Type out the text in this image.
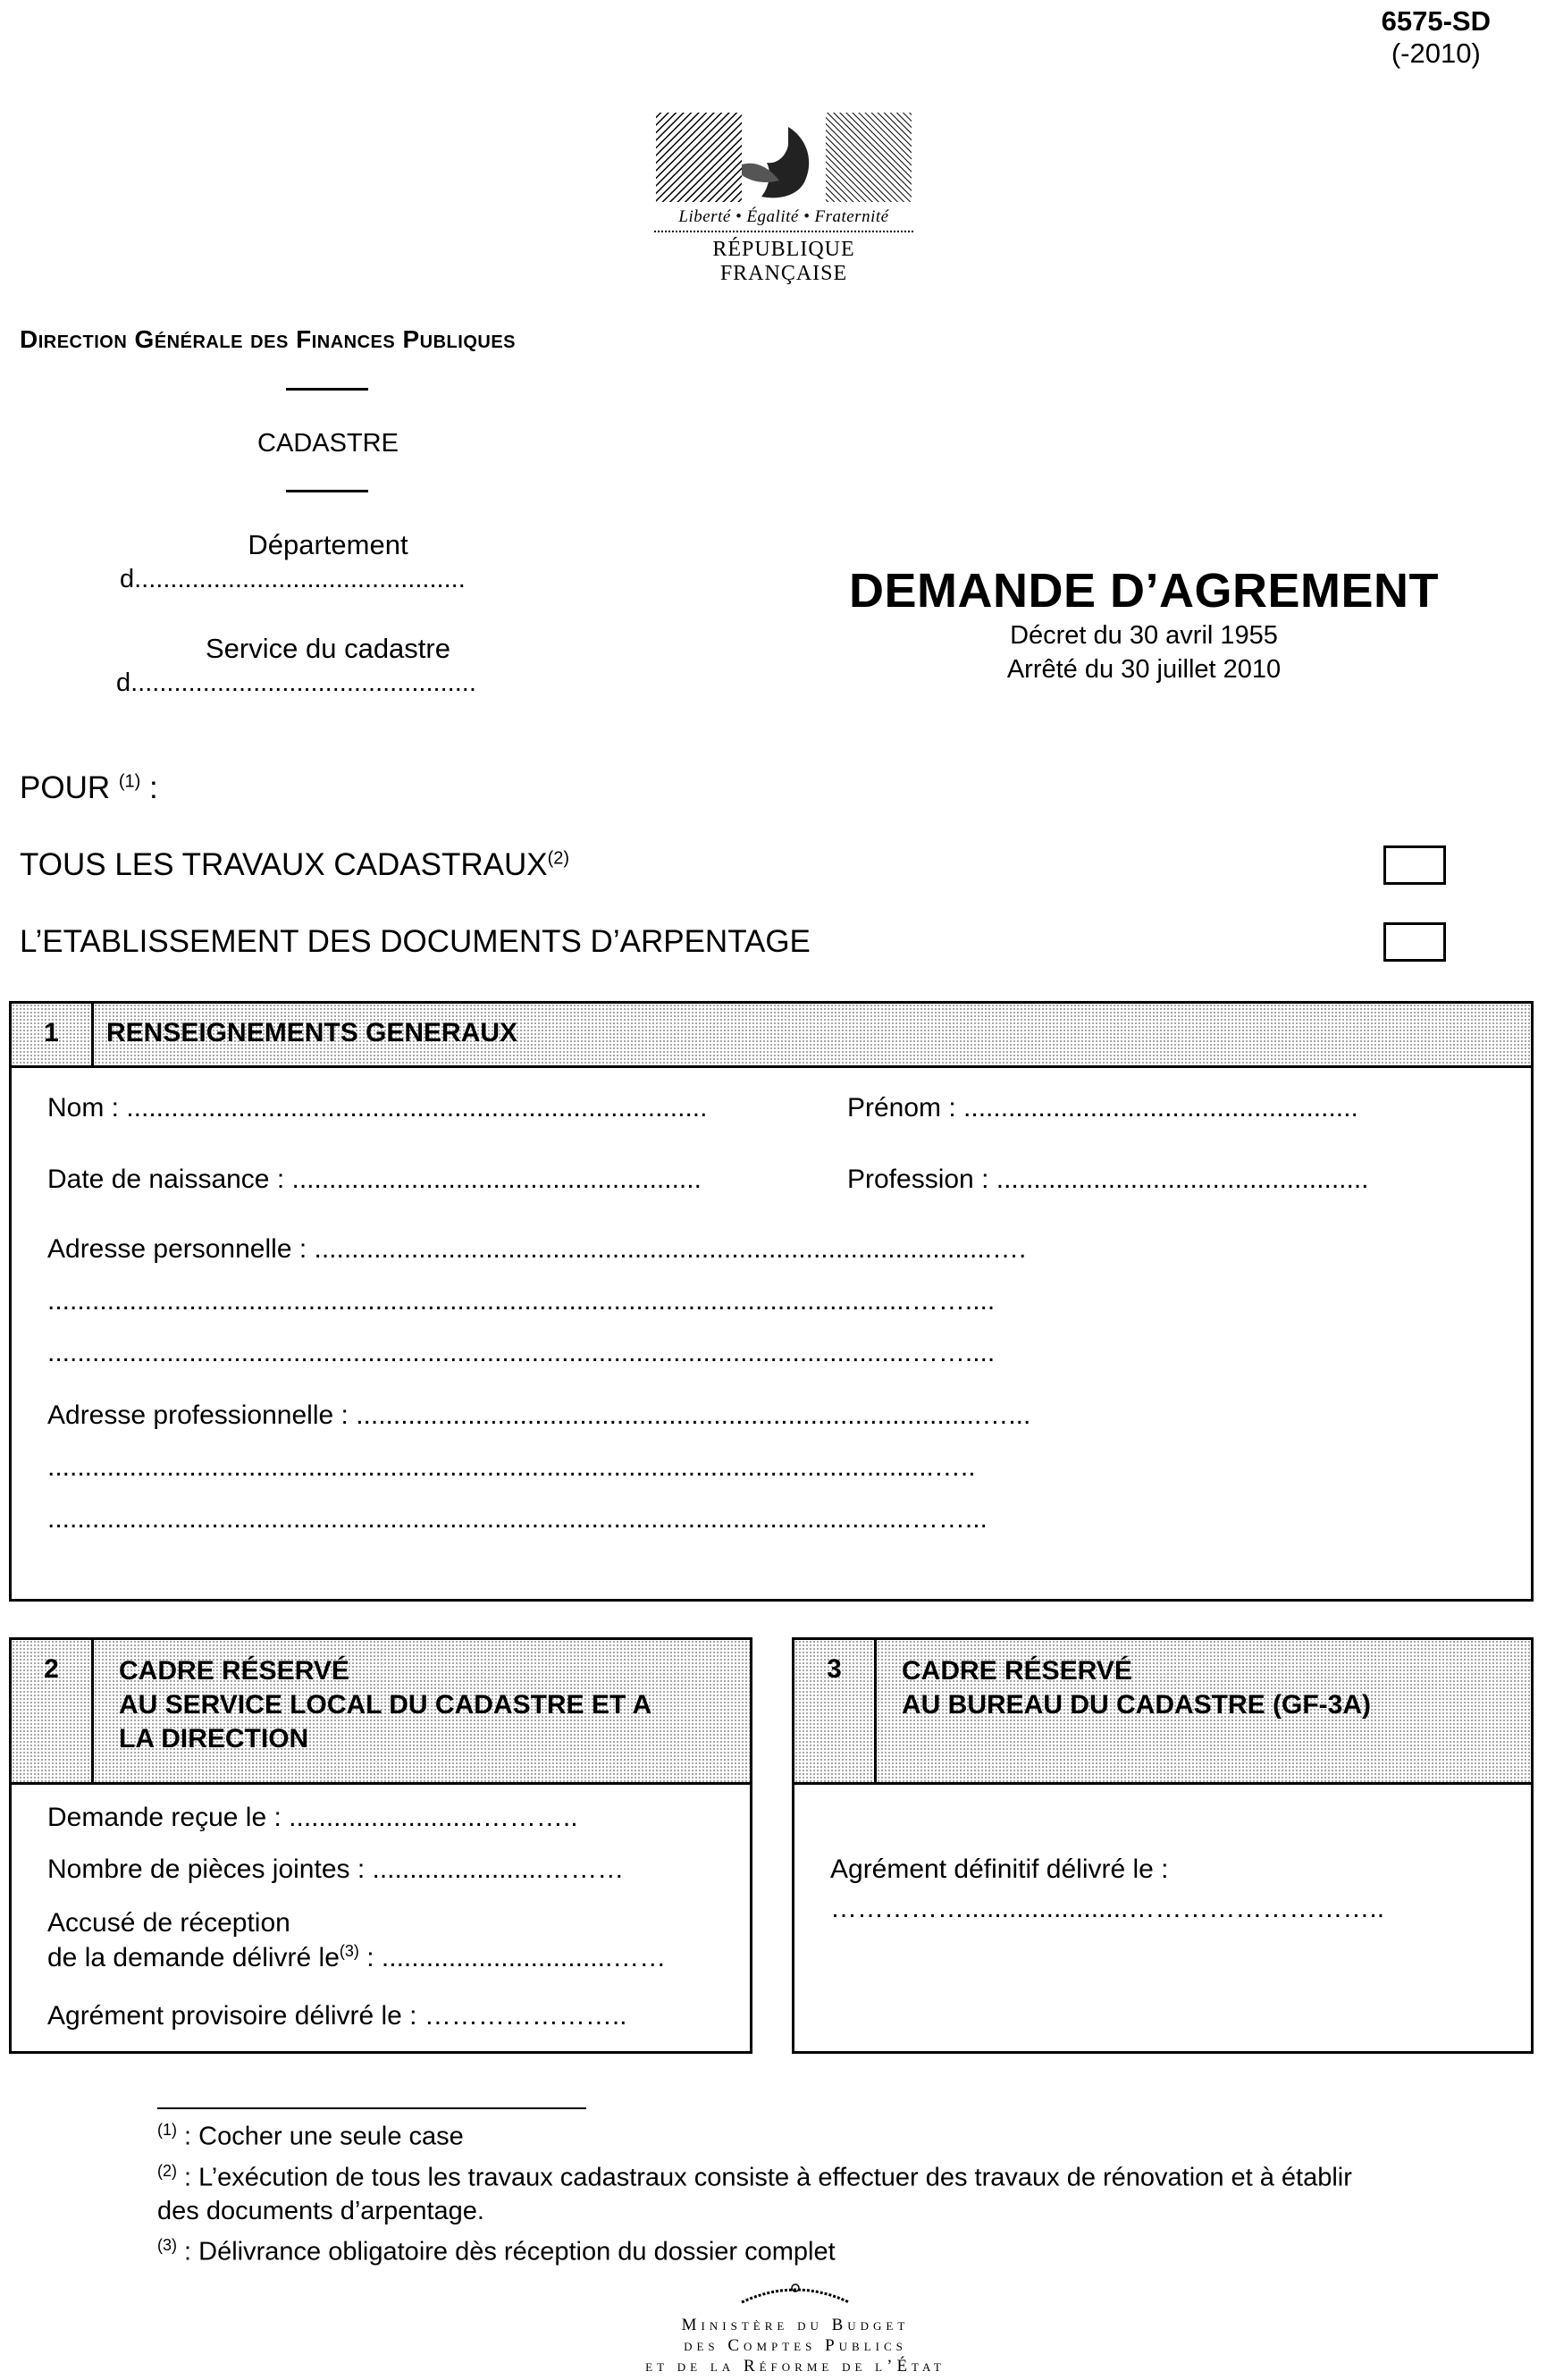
6575-SD
(-2010)
Liberté • Égalité • Fraternité
RÉPUBLIQUE FRANÇAISE
Direction Générale des Finances Publiques
CADASTRE
Département
d..............................................
Service du cadastre
d................................................
DEMANDE D’AGREMENT
Décret du 30 avril 1955
Arrêté du 30 juillet 2010
POUR $^{(1)}$ :
TOUS LES TRAVAUX CADASTRAUX$^{(2)}$
L’ETABLISSEMENT DES DOCUMENTS D’ARPENTAGE
1	RENSEIGNEMENTS GENERAUX
Nom : ..............................................................................	Prénom : .....................................................
Date de naissance : .......................................................	Profession : ..................................................
Adresse personnelle : ...........................................................................................….
....................................................................................................................……....
....................................................................................................................……....
Adresse professionnelle : ....................................................................................…...
.......................................................................................................................…..
....................................................................................................................……...
2	CADRE RÉSERVÉ
AU SERVICE LOCAL DU CADASTRE ET A
LA DIRECTION
Demande reçue le : ..........................………..
Nombre de pièces jointes : .......................………
Accusé de réception
de la demande délivré $le^{(3)}$ : ...............................……
Agrément provisoire délivré le : …………………..
3	CADRE RÉSERVÉ
AU BUREAU DU CADASTRE (GF-3A)
Agrément définitif délivré le :
……………......................………………………..
$^{(1)}$ : Cocher une seule case
$^{(2)}$ : L’exécution de tous les travaux cadastraux consiste à effectuer des travaux de rénovation et à établir
des documents d’arpentage.
$^{(3)}$ : Délivrance obligatoire dès réception du dossier complet
Ministère du Budget
des Comptes Publics
et de la Réforme de l’État
